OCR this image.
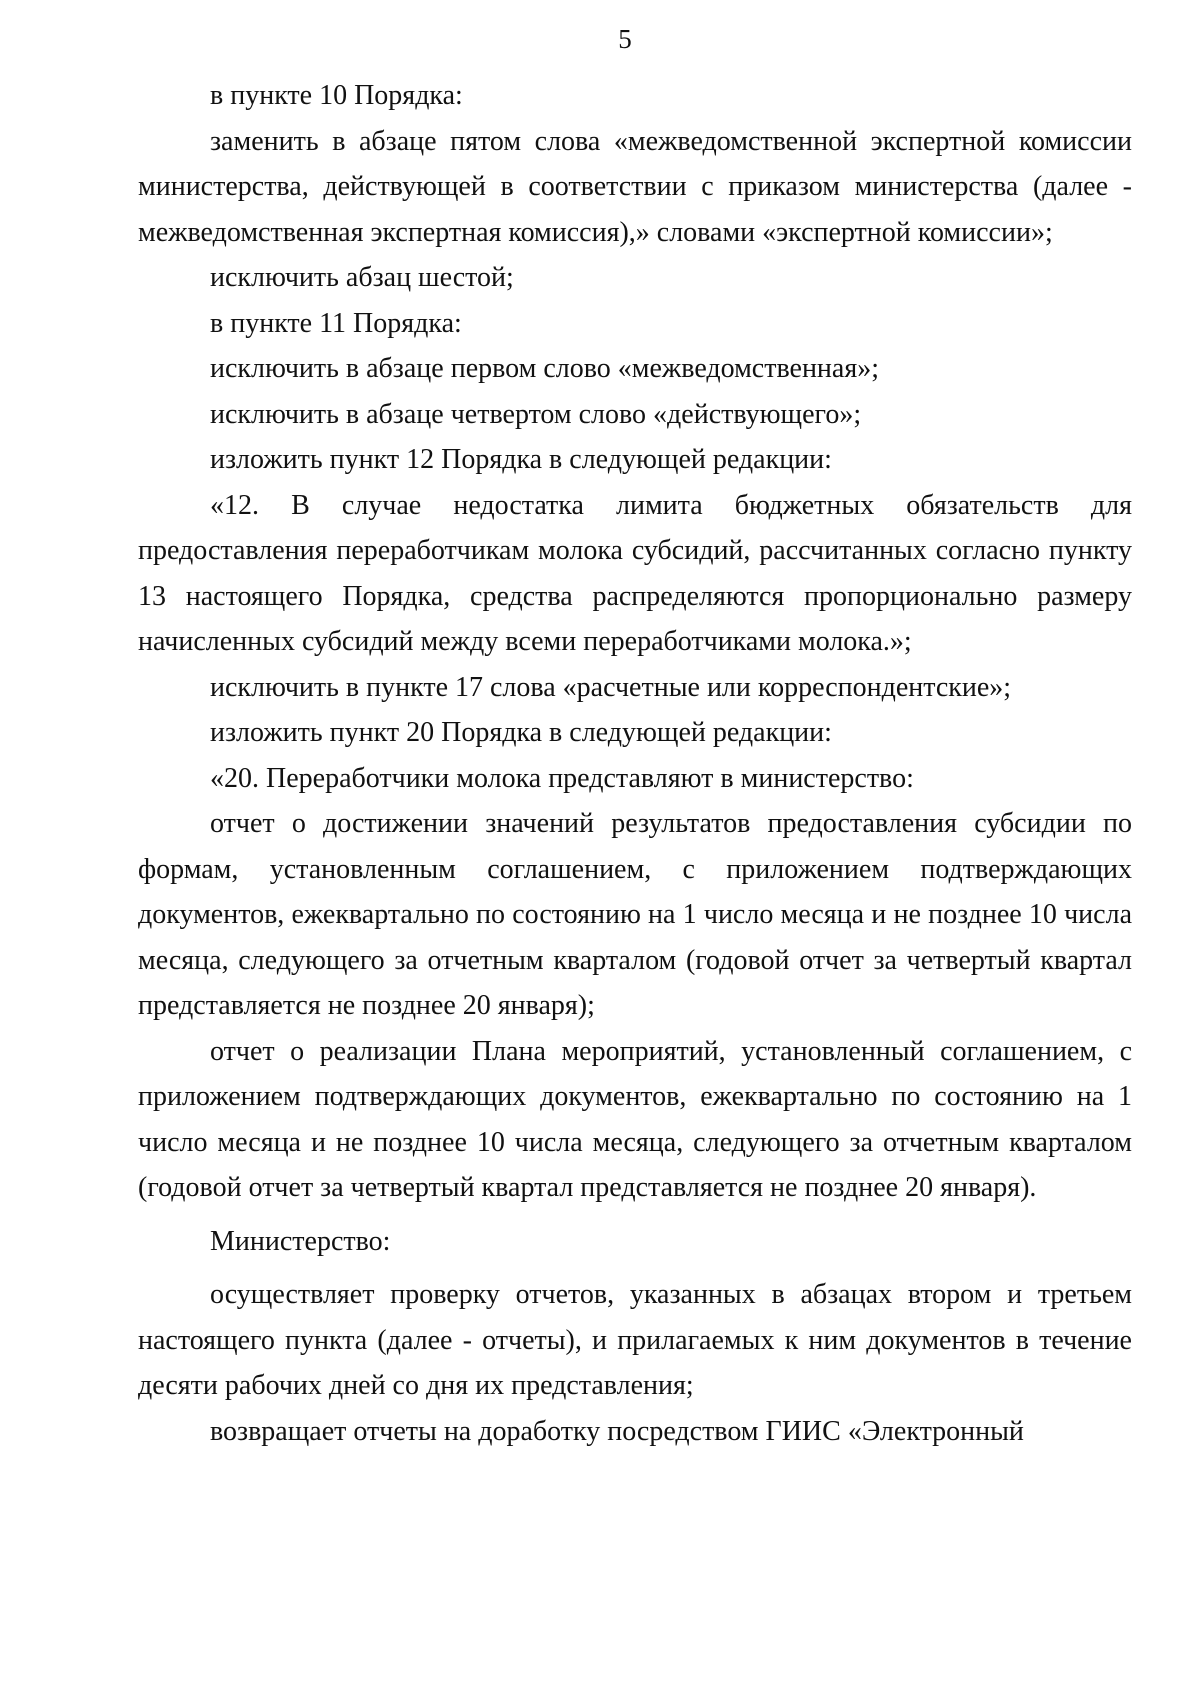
5

в пункте 10 Порядка:

заменить в абзаце пятом слова «межведомственной экспертной комиссии министерства, действующей в соответствии с приказом министерства (далее - межведомственная экспертная комиссия),» словами «экспертной комиссии»;

исключить абзац шестой;

в пункте 11 Порядка:

исключить в абзаце первом слово «межведомственная»;

исключить в абзаце четвертом слово «действующего»;

изложить пункт 12 Порядка в следующей редакции:

«12. В случае недостатка лимита бюджетных обязательств для предоставления переработчикам молока субсидий, рассчитанных согласно пункту 13 настоящего Порядка, средства распределяются пропорционально размеру начисленных субсидий между всеми переработчиками молока.»;

исключить в пункте 17 слова «расчетные или корреспондентские»;

изложить пункт 20 Порядка в следующей редакции:

«20. Переработчики молока представляют в министерство:

отчет о достижении значений результатов предоставления субсидии по формам, установленным соглашением, с приложением подтверждающих документов, ежеквартально по состоянию на 1 число месяца и не позднее 10 числа месяца, следующего за отчетным кварталом (годовой отчет за четвертый квартал представляется не позднее 20 января);

отчет о реализации Плана мероприятий, установленный соглашением, с приложением подтверждающих документов, ежеквартально по состоянию на 1 число месяца и не позднее 10 числа месяца, следующего за отчетным кварталом (годовой отчет за четвертый квартал представляется не позднее 20 января).

Министерство:

осуществляет проверку отчетов, указанных в абзацах втором и третьем настоящего пункта (далее - отчеты), и прилагаемых к ним документов в течение десяти рабочих дней со дня их представления;

возвращает отчеты на доработку посредством ГИИС «Электронный
